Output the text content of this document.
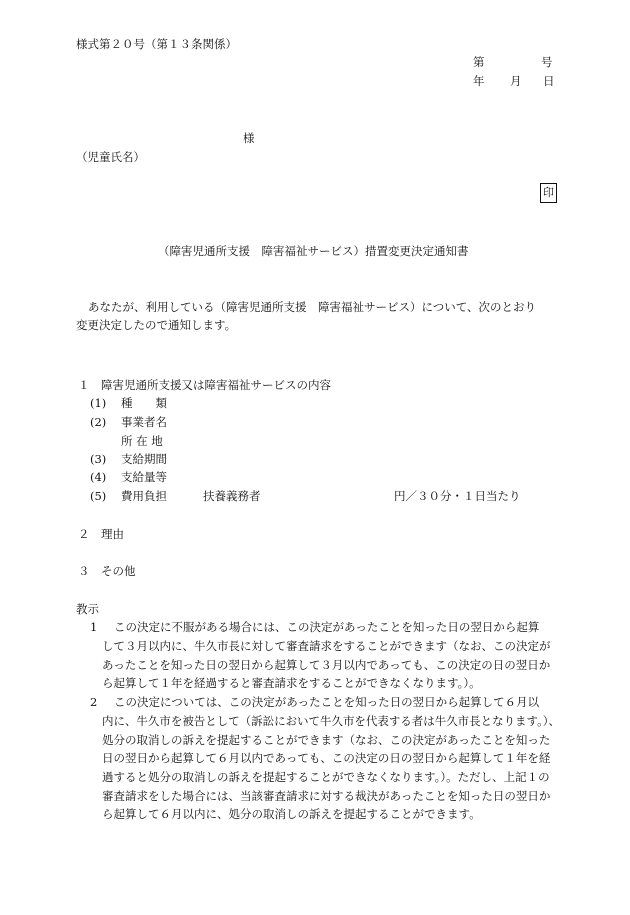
様式第２０号（第１３条関係）
第	号
年 月 日
様
（児童氏名）
印
（障害児通所支援　障害福祉サービス）措置変更決定通知書
あなたが、利用している（障害児通所支援　障害福祉サービス）について、次のとおり
変更決定したので通知します。
１　障害児通所支援又は障害福祉サービスの内容
(1) 種　　類
(2) 事業者名
所 在 地
(3) 支給期間
(4) 支給量等
(5) 費用負担	扶養義務者	円／３０分・１日当たり
２　理由
３　その他
教示
1 この決定に不服がある場合には、この決定があったことを知った日の翌日から起算
して３月以内に、牛久市長に対して審査請求をすることができます（なお、この決定が
あったことを知った日の翌日から起算して３月以内であっても、この決定の日の翌日か
ら起算して１年を経過すると審査請求をすることができなくなります。）。
2 この決定については、この決定があったことを知った日の翌日から起算して６月以
内に、牛久市を被告として（訴訟において牛久市を代表する者は牛久市長となります。）、
処分の取消しの訴えを提起することができます（なお、この決定があったことを知った
日の翌日から起算して６月以内であっても、この決定の日の翌日から起算して１年を経
過すると処分の取消しの訴えを提起することができなくなります。）。ただし、上記１の
審査請求をした場合には、当該審査請求に対する裁決があったことを知った日の翌日か
ら起算して６月以内に、処分の取消しの訴えを提起することができます。
